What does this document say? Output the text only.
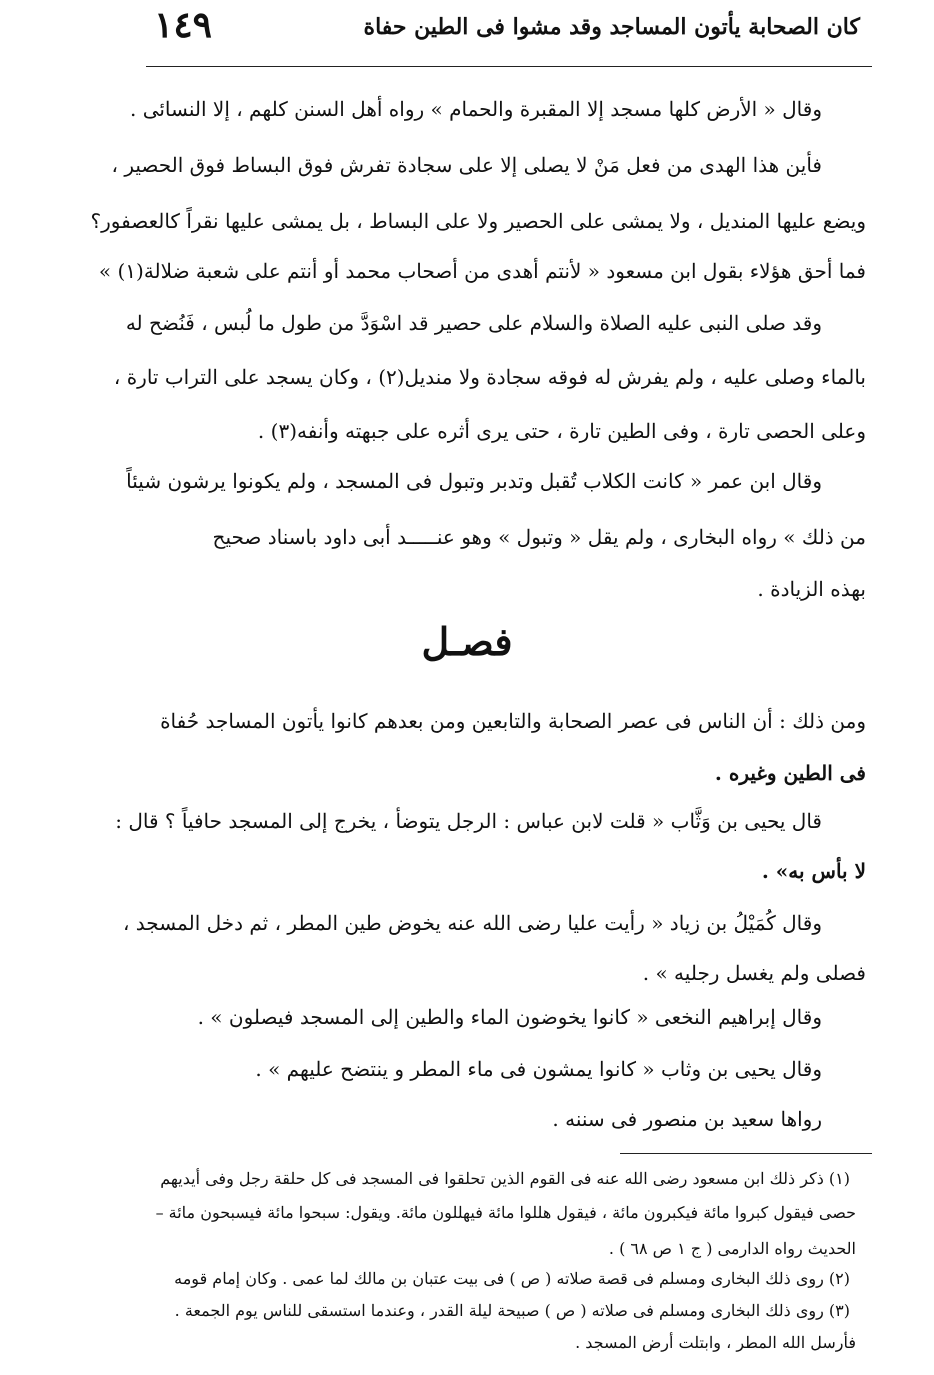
كان الصحابة يأتون المساجد وقد مشوا فى الطين حفاة
١٤٩
وقال « الأرض كلها مسجد إلا المقبرة والحمام » رواه أهل السنن كلهم ، إلا النسائى .
فأين هذا الهدى من فعل مَنْ لا يصلى إلا على سجادة تفرش فوق البساط فوق الحصير ،
ويضع عليها المنديل ، ولا يمشى على الحصير ولا على البساط ، بل يمشى عليها نقراً كالعصفور؟
فما أحق هؤلاء بقول ابن مسعود « لأنتم أهدى من أصحاب محمد أو أنتم على شعبة ضلالة(١) »
وقد صلى النبى عليه الصلاة والسلام على حصير قد اسْوَدَّ من طول ما لُبس ، فَنُضح له
بالماء وصلى عليه ، ولم يفرش له فوقه سجادة ولا منديل(٢) ، وكان يسجد على التراب تارة ،
وعلى الحصى تارة ، وفى الطين تارة ، حتى يرى أثره على جبهته وأنفه(٣) .
وقال ابن عمر « كانت الكلاب تُقبل وتدبر وتبول فى المسجد ، ولم يكونوا يرشون شيئاً
من ذلك » رواه البخارى ، ولم يقل « وتبول » وهو عنـــــد أبى داود باسناد صحيح
بهذه الزيادة .
فصـل
ومن ذلك : أن الناس فى عصر الصحابة والتابعين ومن بعدهم كانوا يأتون المساجد حُفاة
فى الطين وغيره .
قال يحيى بن وَثَّاب « قلت لابن عباس : الرجل يتوضأ ، يخرج إلى المسجد حافياً ؟ قال :
لا بأس به» .
وقال كُمَيْلُ بن زياد « رأيت عليا رضى الله عنه يخوض طين المطر ، ثم دخل المسجد ،
فصلى ولم يغسل رجليه » .
وقال إبراهيم النخعى « كانوا يخوضون الماء والطين إلى المسجد فيصلون » .
وقال يحيى بن وثاب « كانوا يمشون فى ماء المطر و ينتضح عليهم » .
رواها سعيد بن منصور فى سننه .
(١) ذكر ذلك ابن مسعود رضى الله عنه فى القوم الذين تحلقوا فى المسجد فى كل حلقة رجل وفى أيديهم
حصى فيقول كبروا مائة فيكبرون مائة ، فيقول هللوا مائة فيهللون مائة. ويقول: سبحوا مائة فيسبحون مائة –
الحديث رواه الدارمى ( ج ١ ص ٦٨ ) .
(٢) روى ذلك البخارى ومسلم فى قصة صلاته ( ص ) فى بيت عتبان بن مالك لما عمى . وكان إمام قومه
(٣) روى ذلك البخارى ومسلم فى صلاته ( ص ) صبيحة ليلة القدر ، وعندما استسقى للناس يوم الجمعة .
فأرسل الله المطر ، وابتلت أرض المسجد .
